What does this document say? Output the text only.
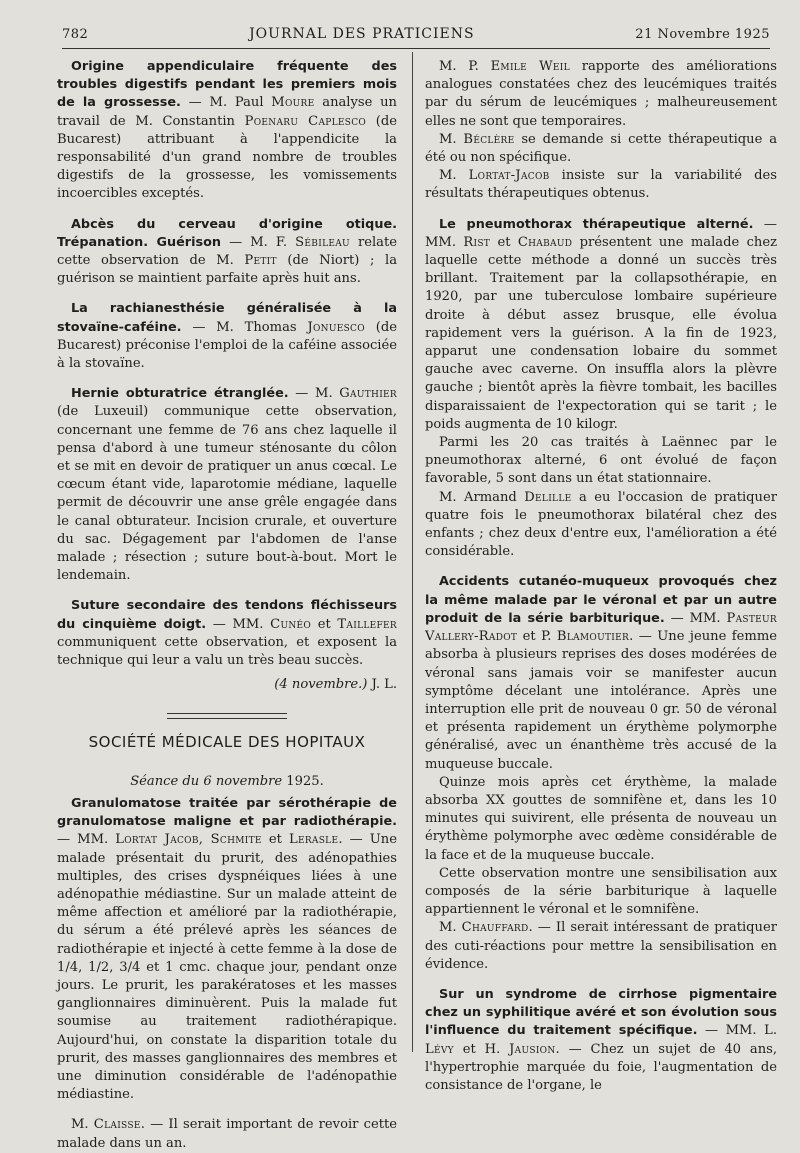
782	JOURNAL DES PRATICIENS	21 Novembre 1925

Origine appendiculaire fréquente des troubles digestifs pendant les premiers mois de la grossesse. — M. Paul Moure analyse un travail de M. Constantin Poenaru Caplesco (de Bucarest) attribuant à l'appendicite la responsabilité d'un grand nombre de troubles digestifs de la grossesse, les vomissements incoercibles exceptés.

Abcès du cerveau d'origine otique. Trépanation. Guérison — M. F. Sébileau relate cette observation de M. Petit (de Niort) ; la guérison se maintient parfaite après huit ans.

La rachianesthésie généralisée à la stovaïne-caféine. — M. Thomas Jonuesco (de Bucarest) préconise l'emploi de la caféine associée à la stovaïne.

Hernie obturatrice étranglée. — M. Gauthier (de Luxeuil) communique cette observation, concernant une femme de 76 ans chez laquelle il pensa d'abord à une tumeur sténosante du côlon et se mit en devoir de pratiquer un anus cœcal. Le cœcum étant vide, laparotomie médiane, laquelle permit de découvrir une anse grêle engagée dans le canal obturateur. Incision crurale, et ouverture du sac. Dégagement par l'abdomen de l'anse malade ; résection ; suture bout-à-bout. Mort le lendemain.

Suture secondaire des tendons fléchisseurs du cinquième doigt. — MM. Cunéo et Taillefer communiquent cette observation, et exposent la technique qui leur a valu un très beau succès.

(4 novembre.) J. L.
SOCIÉTÉ MÉDICALE DES HOPITAUX
Séance du 6 novembre 1925.

Granulomatose traitée par sérothérapie de granulomatose maligne et par radiothérapie. — MM. Lortat Jacob, Schmite et Lerasle. — Une malade présentait du prurit, des adénopathies multiples, des crises dyspnéiques liées à une adénopathie médiastine. Sur un malade atteint de même affection et amélioré par la radiothérapie, du sérum a été prélevé après les séances de radiothérapie et injecté à cette femme à la dose de 1/4, 1/2, 3/4 et 1 cmc. chaque jour, pendant onze jours. Le prurit, les parakératoses et les masses ganglionnaires diminuèrent. Puis la malade fut soumise au traitement radiothérapique. Aujourd'hui, on constate la disparition totale du prurit, des masses ganglionnaires des membres et une diminution considérable de l'adénopathie médiastine.

M. Claisse. — Il serait important de revoir cette malade dans un an.

M. P. Emile Weil rapporte des améliorations analogues constatées chez des leucémiques traités par du sérum de leucémiques ; malheureusement elles ne sont que temporaires.

M. Béclère se demande si cette thérapeutique a été ou non spécifique.

M. Lortat-Jacob insiste sur la variabilité des résultats thérapeutiques obtenus.

Le pneumothorax thérapeutique alterné. — MM. Rist et Chabaud présentent une malade chez laquelle cette méthode a donné un succès très brillant. Traitement par la collapsothérapie, en 1920, par une tuberculose lombaire supérieure droite à début assez brusque, elle évolua rapidement vers la guérison. A la fin de 1923, apparut une condensation lobaire du sommet gauche avec caverne. On insuffla alors la plèvre gauche ; bientôt après la fièvre tombait, les bacilles disparaissaient de l'expectoration qui se tarit ; le poids augmenta de 10 kilogr.

Parmi les 20 cas traités à Laënnec par le pneumothorax alterné, 6 ont évolué de façon favorable, 5 sont dans un état stationnaire.

M. Armand Delille a eu l'occasion de pratiquer quatre fois le pneumothorax bilatéral chez des enfants ; chez deux d'entre eux, l'amélioration a été considérable.

Accidents cutanéo-muqueux provoqués chez la même malade par le véronal et par un autre produit de la série barbiturique. — MM. Pasteur Vallery-Radot et P. Blamoutier. — Une jeune femme absorba à plusieurs reprises des doses modérées de véronal sans jamais voir se manifester aucun symptôme décelant une intolérance. Après une interruption elle prit de nouveau 0 gr. 50 de véronal et présenta rapidement un érythème polymorphe généralisé, avec un énanthème très accusé de la muqueuse buccale.

Quinze mois après cet érythème, la malade absorba XX gouttes de somnifène et, dans les 10 minutes qui suivirent, elle présenta de nouveau un érythème polymorphe avec œdème considérable de la face et de la muqueuse buccale.

Cette observation montre une sensibilisation aux composés de la série barbiturique à laquelle appartiennent le véronal et le somnifène.

M. Chauffard. — Il serait intéressant de pratiquer des cuti-réactions pour mettre la sensibilisation en évidence.

Sur un syndrome de cirrhose pigmentaire chez un syphilitique avéré et son évolution sous l'influence du traitement spécifique. — MM. L. Lévy et H. Jausion. — Chez un sujet de 40 ans, l'hypertrophie marquée du foie, l'augmentation de consistance de l'organe, le
